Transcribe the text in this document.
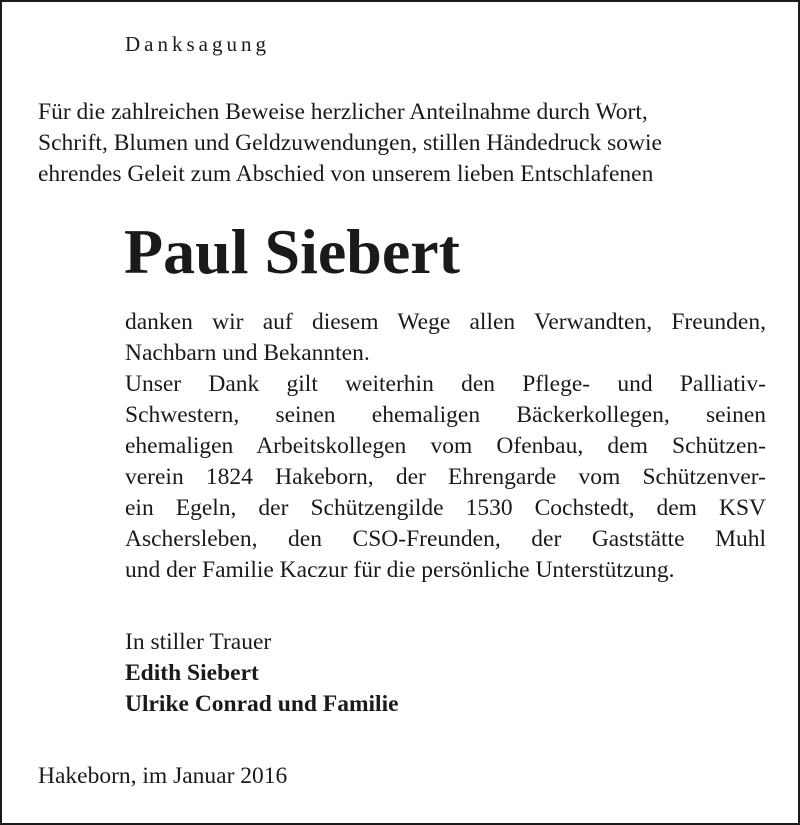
Danksagung
Für die zahlreichen Beweise herzlicher Anteilnahme durch Wort,
Schrift, Blumen und Geldzuwendungen, stillen Händedruck sowie
ehrendes Geleit zum Abschied von unserem lieben Entschlafenen
Paul Siebert

danken wir auf diesem Wege allen Verwandten, Freunden,
Nachbarn und Bekannten.

Unser Dank gilt weiterhin den Pflege- und Palliativ-
Schwestern, seinen ehemaligen Bäckerkollegen, seinen
ehemaligen Arbeitskollegen vom Ofenbau, dem Schützen-
verein 1824 Hakeborn, der Ehrengarde vom Schützenver-
ein Egeln, der Schützengilde 1530 Cochstedt, dem KSV
Aschersleben, den CSO-Freunden, der Gaststätte Muhl
und der Familie Kaczur für die persönliche Unterstützung.

In stiller Trauer
Edith Siebert
Ulrike Conrad und Familie
Hakeborn, im Januar 2016
